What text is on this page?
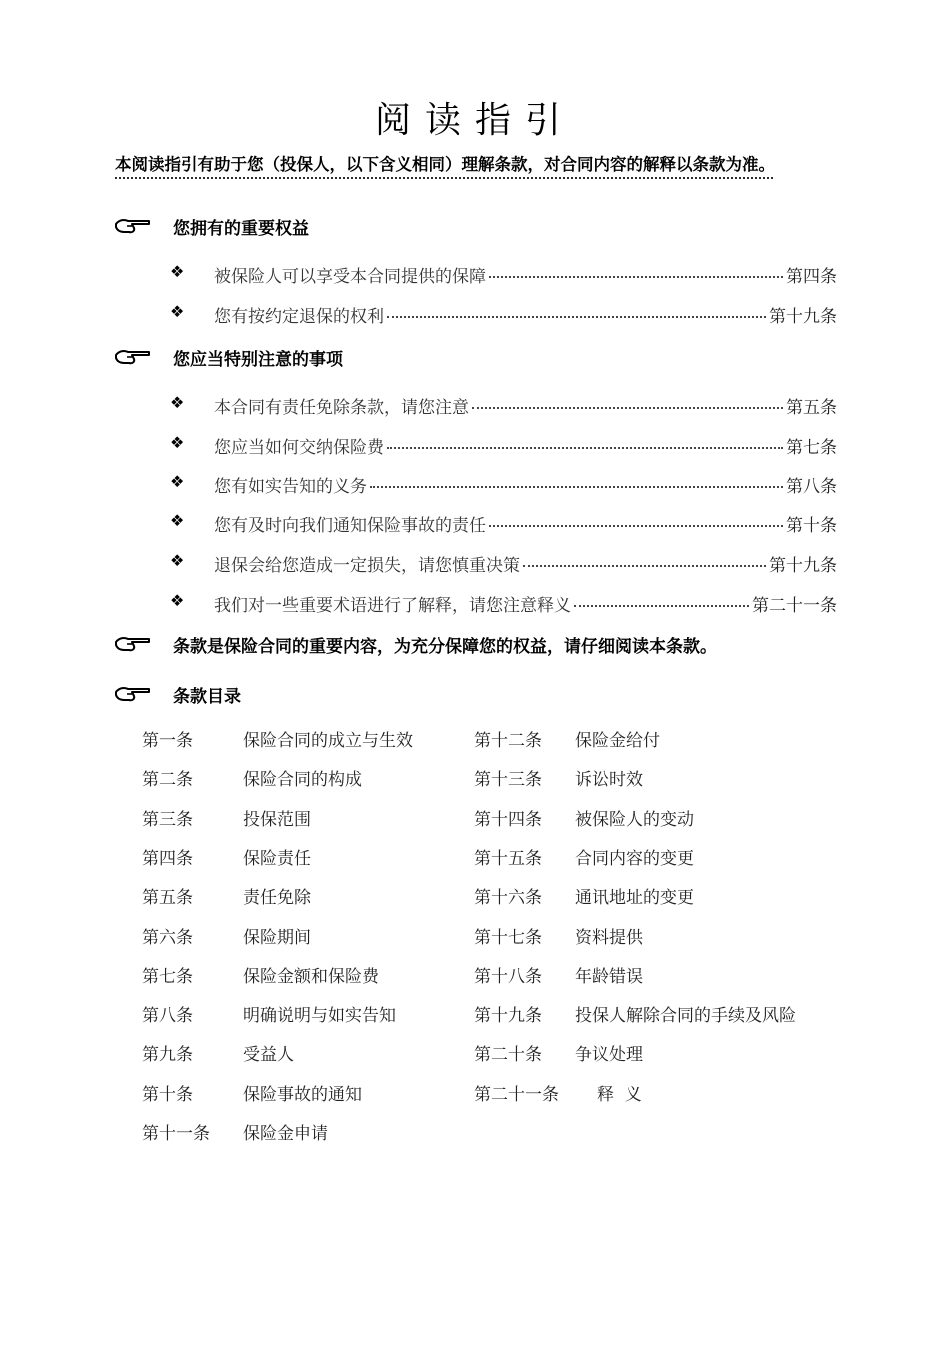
阅读指引
本阅读指引有助于您（投保人，以下含义相同）理解条款，对合同内容的解释以条款为准。
您拥有的重要权益
❖ 被保险人可以享受本合同提供的保障	第四条
❖ 您有按约定退保的权利	第十九条
您应当特别注意的事项
❖ 本合同有责任免除条款，请您注意	第五条
❖ 您应当如何交纳保险费	第七条
❖ 您有如实告知的义务	第八条
❖ 您有及时向我们通知保险事故的责任	第十条
❖ 退保会给您造成一定损失，请您慎重决策	第十九条
❖ 我们对一些重要术语进行了解释，请您注意释义	第二十一条
条款是保险合同的重要内容，为充分保障您的权益，请仔细阅读本条款。
条款目录
第一条	保险合同的成立与生效
第二条	保险合同的构成
第三条	投保范围
第四条	保险责任
第五条	责任免除
第六条	保险期间
第七条	保险金额和保险费
第八条	明确说明与如实告知
第九条	受益人
第十条	保险事故的通知
第十一条 保险金申请
第十二条 保险金给付
第十三条 诉讼时效
第十四条 被保险人的变动
第十五条 合同内容的变更
第十六条 通讯地址的变更
第十七条 资料提供
第十八条 年龄错误
第十九条 投保人解除合同的手续及风险
第二十条 争议处理
第二十一条 释  义
